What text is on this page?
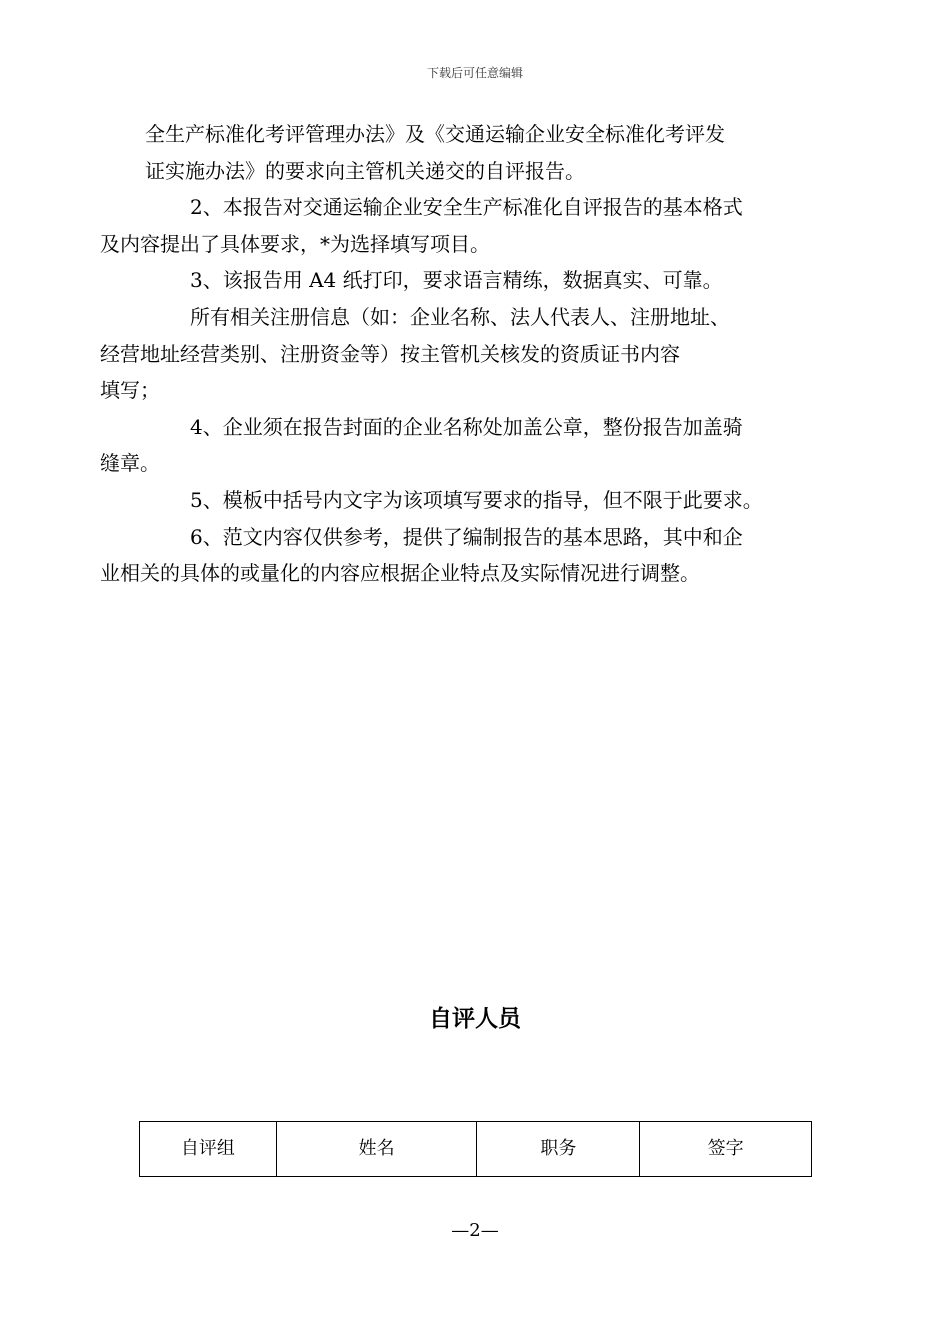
下载后可任意编辑

全生产标准化考评管理办法》及《交通运输企业安全标准化考评发
证实施办法》的要求向主管机关递交的自评报告。

2、本报告对交通运输企业安全生产标准化自评报告的基本格式
及内容提出了具体要求，*为选择填写项目。

3、该报告用 A4 纸打印，要求语言精练，数据真实、可靠。

所有相关注册信息（如：企业名称、法人代表人、注册地址、
经营地址经营类别、注册资金等）按主管机关核发的资质证书内容
填写；

4、企业须在报告封面的企业名称处加盖公章，整份报告加盖骑
缝章。

5、模板中括号内文字为该项填写要求的指导，但不限于此要求。

6、范文内容仅供参考，提供了编制报告的基本思路，其中和企
业相关的具体的或量化的内容应根据企业特点及实际情况进行调整。

自评人员
自评组	姓名	职务	签字
—2—
